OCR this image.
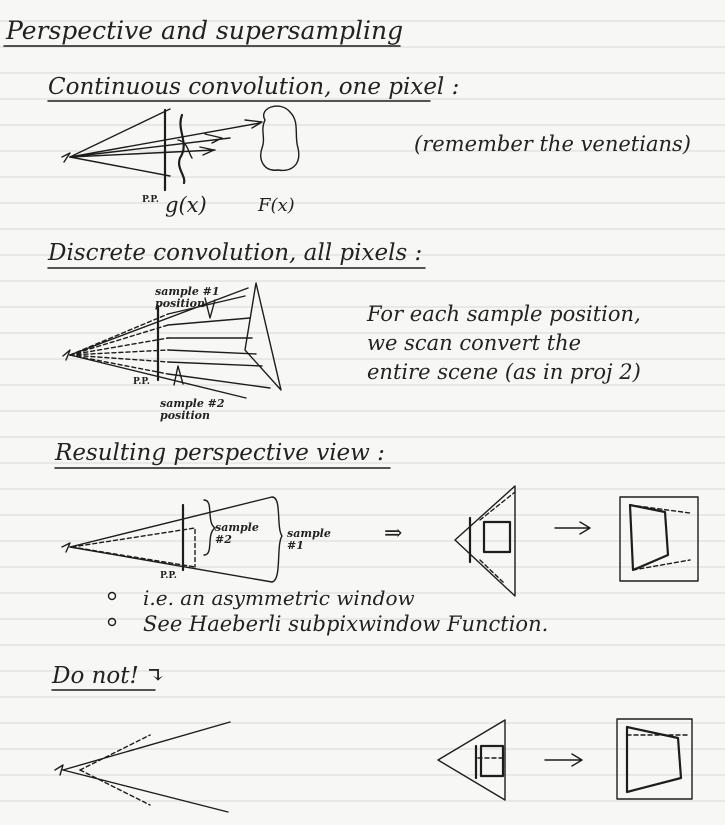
Perspective and supersampling
Continuous convolution, one pixel :
(remember the venetians)
P.P. g(x)	F(x)
Discrete convolution, all pixels :
sample #1 position
sample #2 position
P.P.
For each sample position,
we scan convert the
entire scene (as in proj 2)
Resulting perspective view :
sample #2	sample #1
P.P.
⇒
i.e. an asymmetric window
See Haeberli subpixwindow Function.
Do not! ↴
